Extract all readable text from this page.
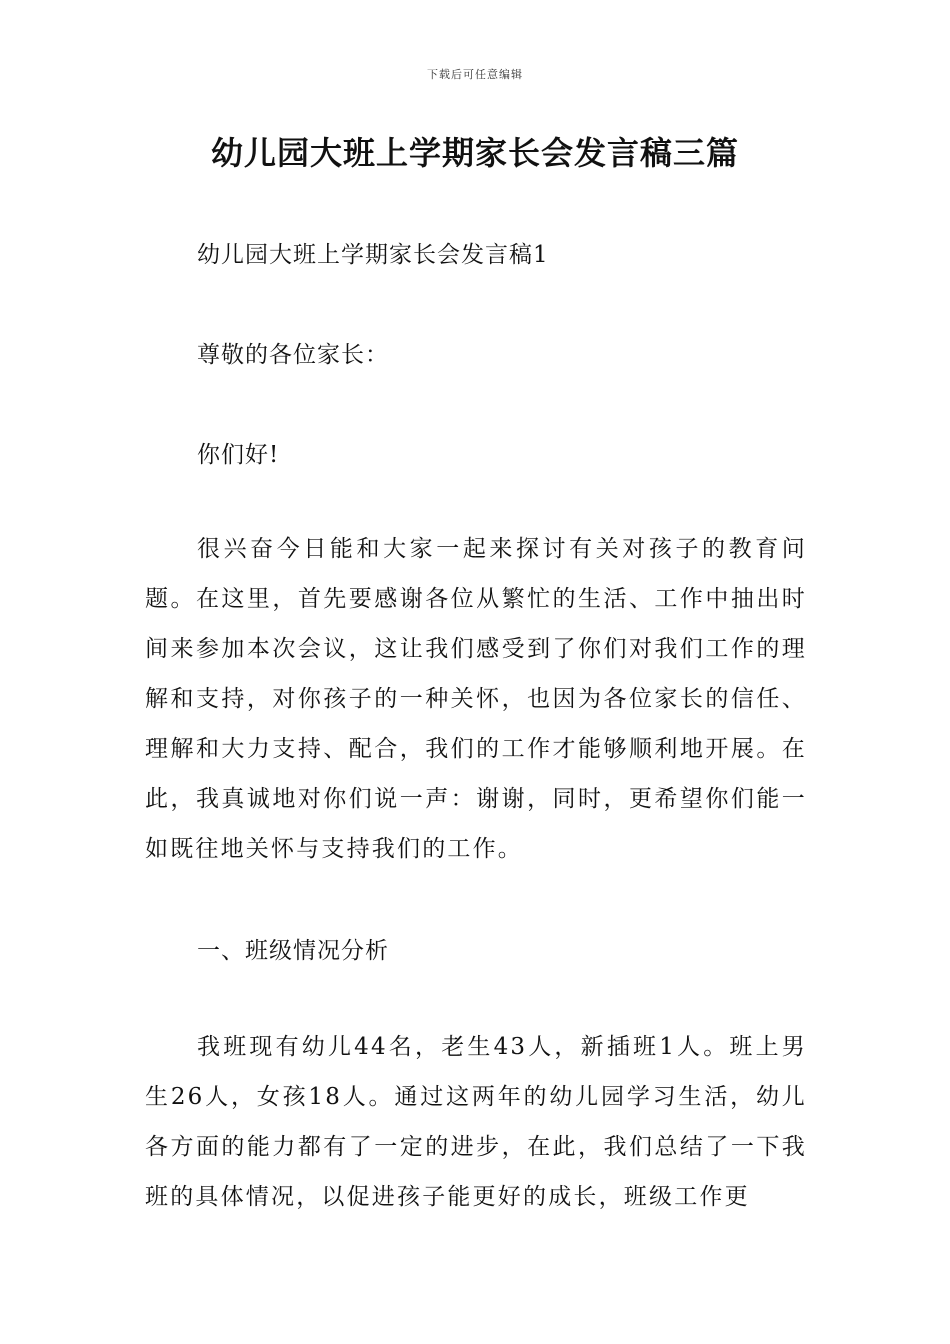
下载后可任意编辑
幼儿园大班上学期家长会发言稿三篇
幼儿园大班上学期家长会发言稿1
尊敬的各位家长：
你们好!
很兴奋今日能和大家一起来探讨有关对孩子的教育问题。在这里，首先要感谢各位从繁忙的生活、工作中抽出时间来参加本次会议，这让我们感受到了你们对我们工作的理解和支持，对你孩子的一种关怀，也因为各位家长的信任、理解和大力支持、配合，我们的工作才能够顺利地开展。在此，我真诚地对你们说一声：谢谢，同时，更希望你们能一如既往地关怀与支持我们的工作。
一、班级情况分析
我班现有幼儿44名，老生43人，新插班1人。班上男生26人，女孩18人。通过这两年的幼儿园学习生活，幼儿各方面的能力都有了一定的进步，在此，我们总结了一下我班的具体情况，以促进孩子能更好的成长，班级工作更
